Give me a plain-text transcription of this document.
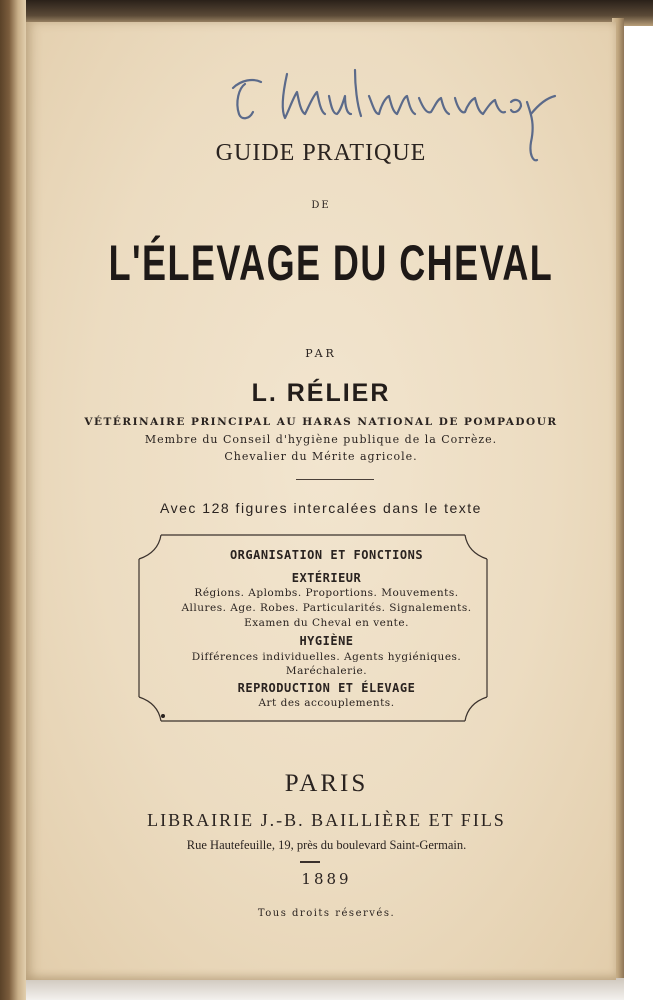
GUIDE PRATIQUE
DE
L'ÉLEVAGE DU CHEVAL
PAR
L. RÉLIER
VÉTÉRINAIRE PRINCIPAL AU HARAS NATIONAL DE POMPADOUR
Membre du Conseil d'hygiène publique de la Corrèze.
Chevalier du Mérite agricole.
Avec 128 figures intercalées dans le texte
ORGANISATION ET FONCTIONS
EXTÉRIEUR
Régions. Aplombs. Proportions. Mouvements.
Allures. Age. Robes. Particularités. Signalements.
Examen du Cheval en vente.
HYGIÈNE
Différences individuelles. Agents hygiéniques.
Maréchalerie.
REPRODUCTION ET ÉLEVAGE
Art des accouplements.
PARIS
LIBRAIRIE J.-B. BAILLIÈRE ET FILS
Rue Hautefeuille, 19, près du boulevard Saint-Germain.
1889
Tous droits réservés.
